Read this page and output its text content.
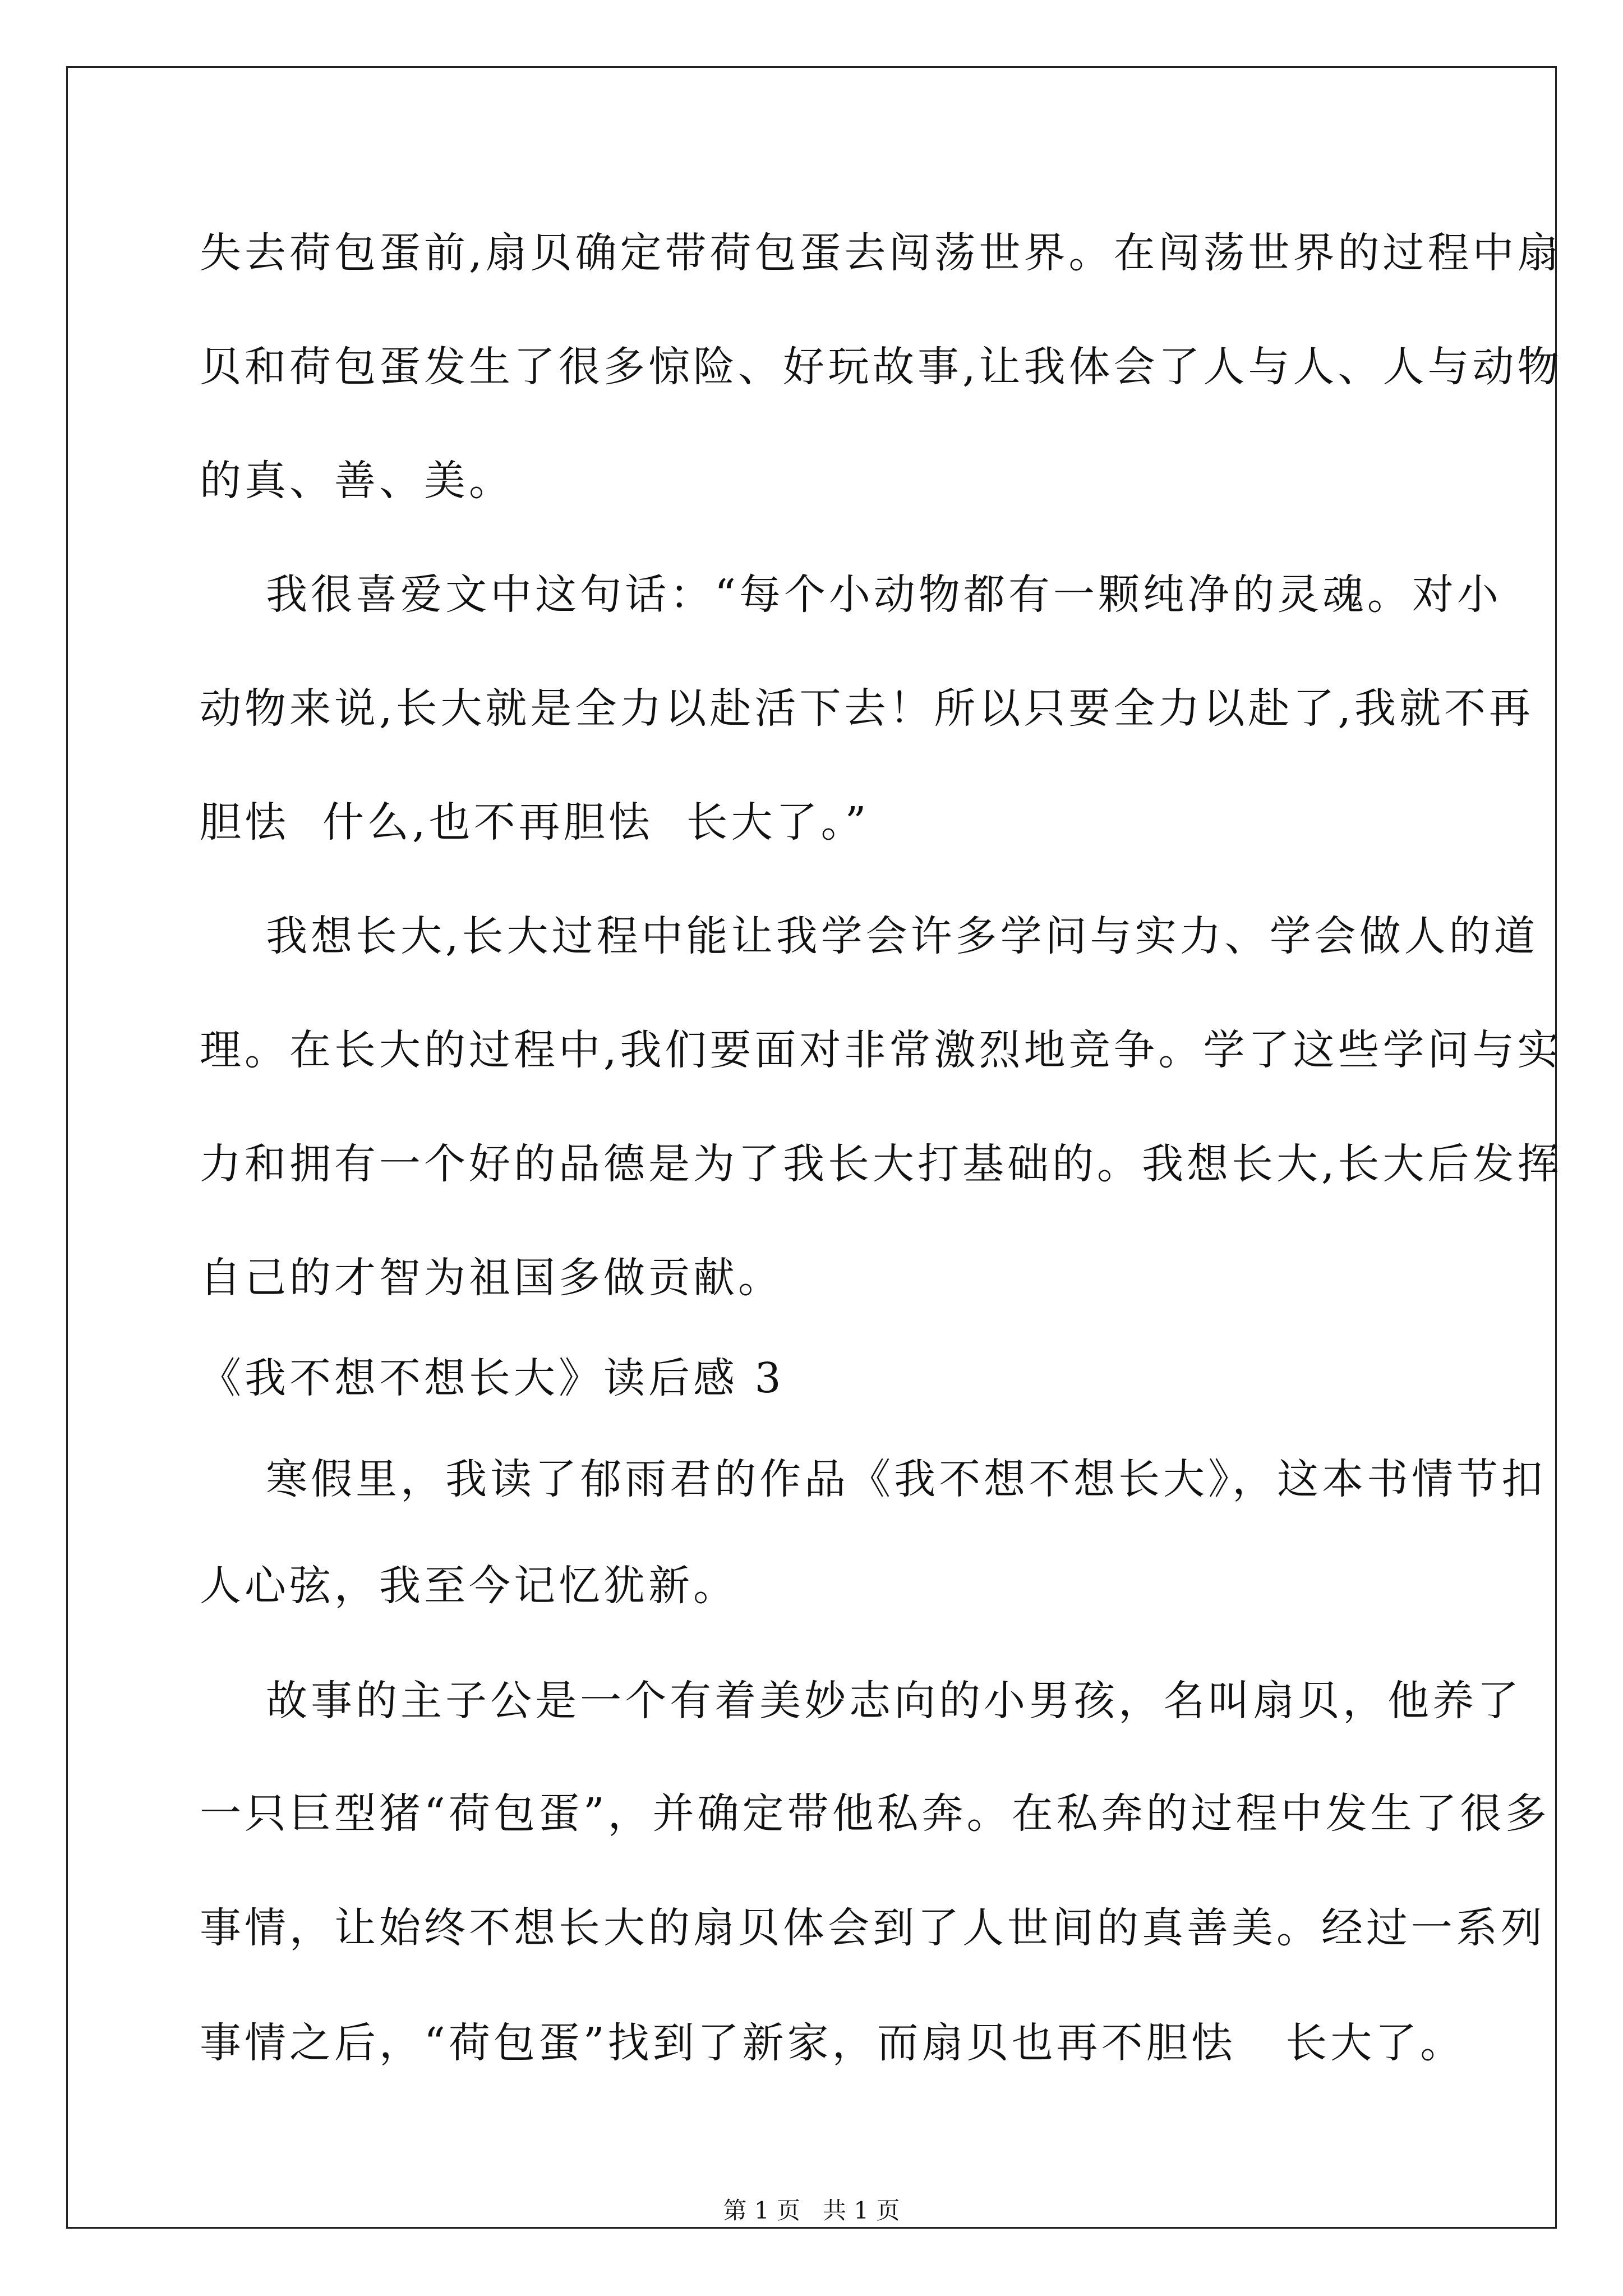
失去荷包蛋前,扇贝确定带荷包蛋去闯荡世界。在闯荡世界的过程中扇
贝和荷包蛋发生了很多惊险、好玩故事,让我体会了人与人、人与动物
的真、善、美。
我很喜爱文中这句话：“每个小动物都有一颗纯净的灵魂。对小
动物来说,长大就是全力以赴活下去！所以只要全力以赴了,我就不再
胆怯  什么,也不再胆怯  长大了。”
我想长大,长大过程中能让我学会许多学问与实力、学会做人的道
理。在长大的过程中,我们要面对非常激烈地竞争。学了这些学问与实
力和拥有一个好的品德是为了我长大打基础的。我想长大,长大后发挥
自己的才智为祖国多做贡献。
《我不想不想长大》读后感 3
寒假里，我读了郁雨君的作品《我不想不想长大》，这本书情节扣
人心弦，我至今记忆犹新。
故事的主子公是一个有着美妙志向的小男孩，名叫扇贝，他养了
一只巨型猪“荷包蛋”，并确定带他私奔。在私奔的过程中发生了很多
事情，让始终不想长大的扇贝体会到了人世间的真善美。经过一系列
事情之后，“荷包蛋”找到了新家，而扇贝也再不胆怯   长大了。
第 1 页   共 1 页
